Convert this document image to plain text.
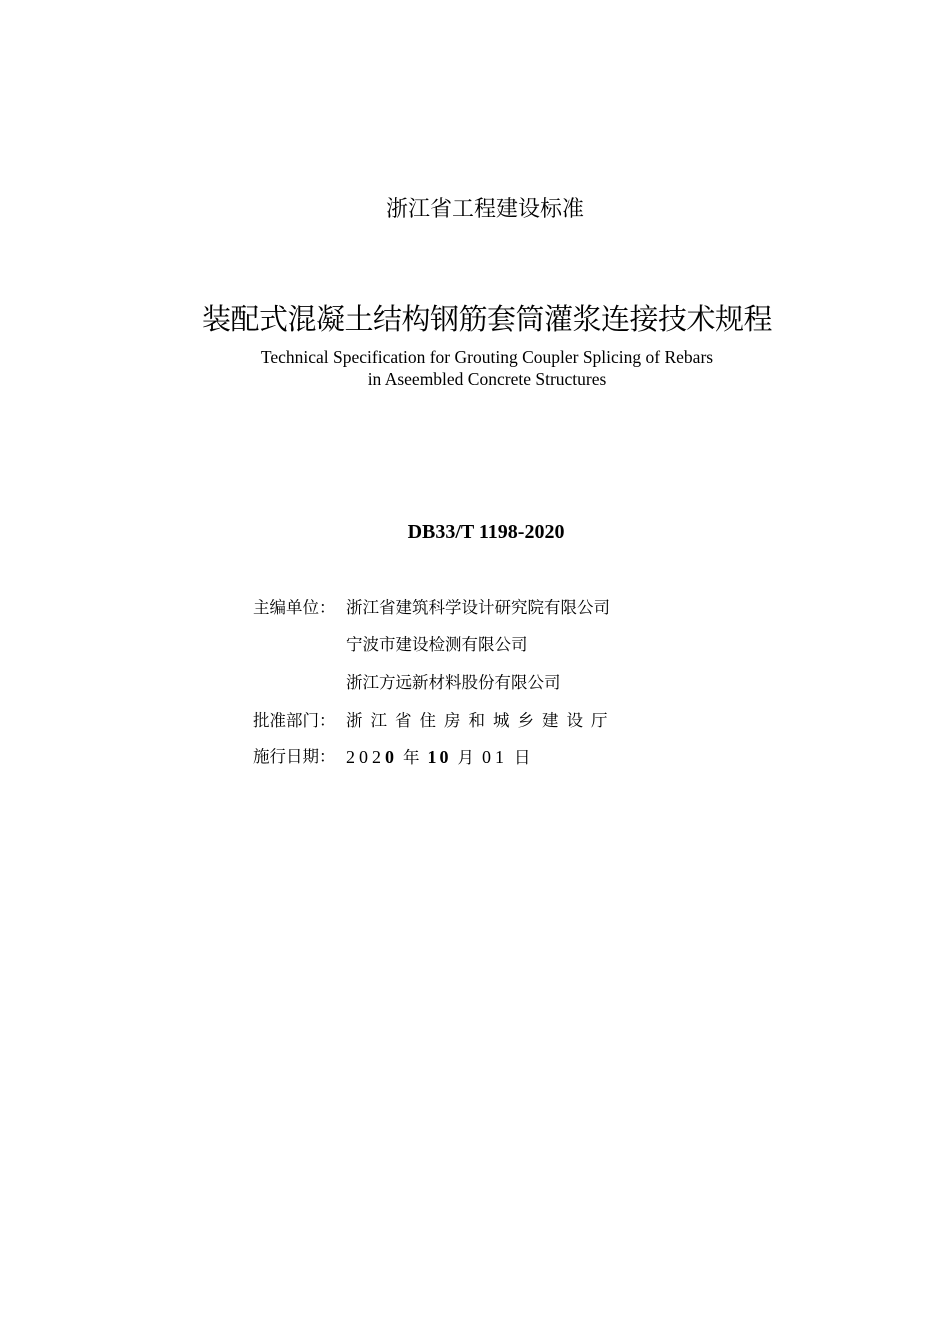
浙江省工程建设标准
装配式混凝土结构钢筋套筒灌浆连接技术规程
Technical Specification for Grouting Coupler Splicing of Rebars
in Aseembled Concrete Structures
DB33/T 1198-2020
主编单位： 浙江省建筑科学设计研究院有限公司
宁波市建设检测有限公司
浙江方远新材料股份有限公司
批准部门： 浙江省住房和城乡建设厅
施行日期： 2020 年 10 月 01 日
